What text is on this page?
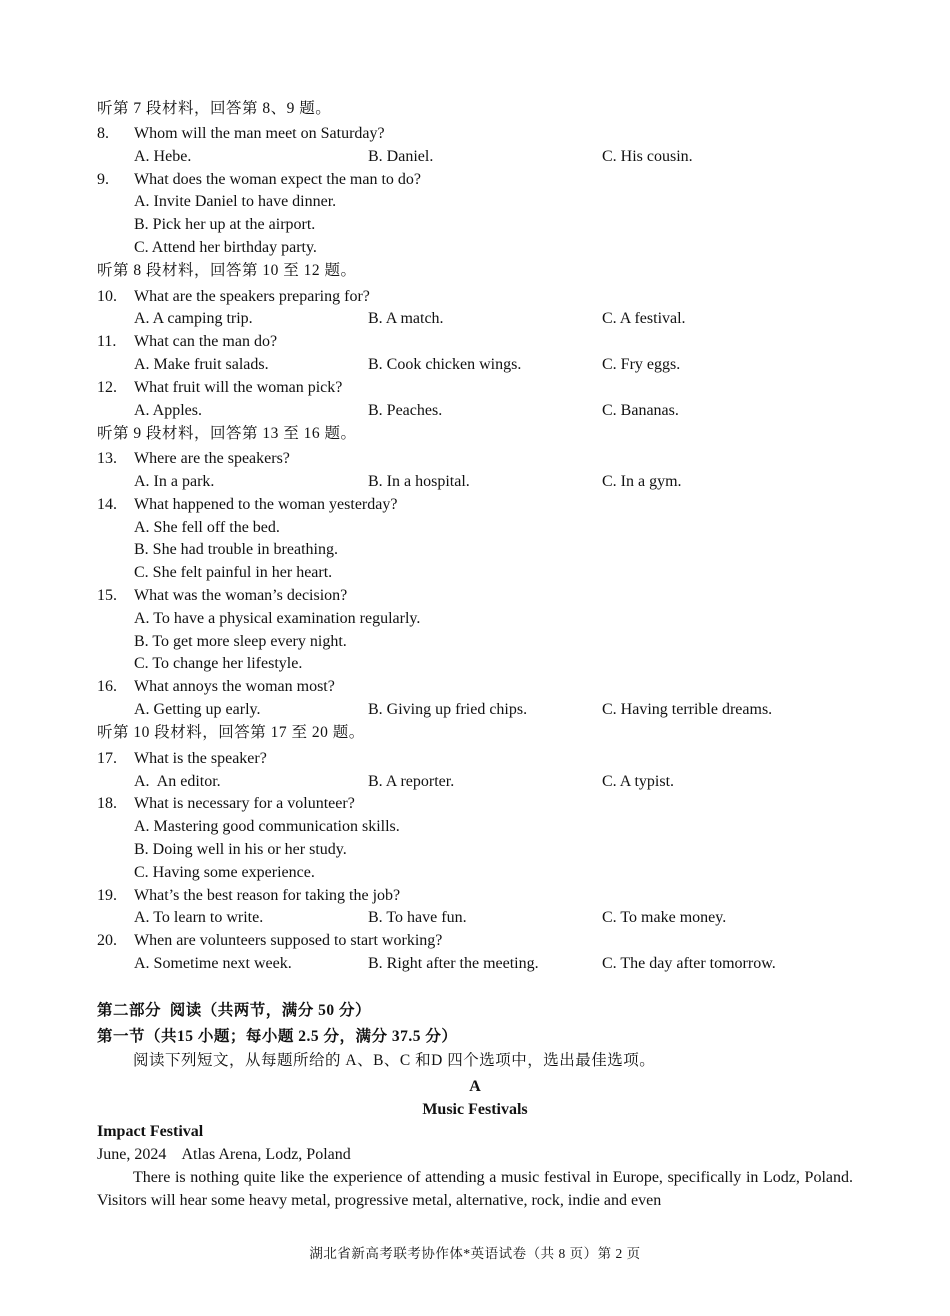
听第 7 段材料，回答第 8、9 题。
8. Whom will the man meet on Saturday?
A. Hebe.	B. Daniel.	C. His cousin.
9. What does the woman expect the man to do?
A. Invite Daniel to have dinner.
B. Pick her up at the airport.
C. Attend her birthday party.
听第 8 段材料，回答第 10 至 12 题。
10. What are the speakers preparing for?
A. A camping trip.	B. A match.	C. A festival.
11. What can the man do?
A. Make fruit salads.	B. Cook chicken wings.	C. Fry eggs.
12. What fruit will the woman pick?
A. Apples.	B. Peaches.	C. Bananas.
听第 9 段材料，回答第 13 至 16 题。
13. Where are the speakers?
A. In a park.	B. In a hospital.	C. In a gym.
14. What happened to the woman yesterday?
A. She fell off the bed.
B. She had trouble in breathing.
C. She felt painful in her heart.
15. What was the woman’s decision?
A. To have a physical examination regularly.
B. To get more sleep every night.
C. To change her lifestyle.
16. What annoys the woman most?
A. Getting up early.	B. Giving up fried chips.	C. Having terrible dreams.
听第 10 段材料，回答第 17 至 20 题。
17. What is the speaker?
A.  An editor.	B. A reporter.	C. A typist.
18. What is necessary for a volunteer?
A. Mastering good communication skills.
B. Doing well in his or her study.
C. Having some experience.
19. What’s the best reason for taking the job?
A. To learn to write.	B. To have fun.	C. To make money.
20. When are volunteers supposed to start working?
A. Sometime next week.	B. Right after the meeting.	C. The day after tomorrow.
第二部分  阅读（共两节，满分 50 分）
第一节（共15 小题；每小题 2.5 分，满分 37.5 分）
阅读下列短文，从每题所给的 A、B、C 和D 四个选项中，选出最佳选项。
A
Music Festivals
Impact Festival
June, 2024    Atlas Arena, Lodz, Poland
There is nothing quite like the experience of attending a music festival in Europe, specifically in Lodz, Poland. Visitors will hear some heavy metal, progressive metal, alternative, rock, indie and even
湖北省新高考联考协作体*英语试卷（共 8 页）第 2 页
